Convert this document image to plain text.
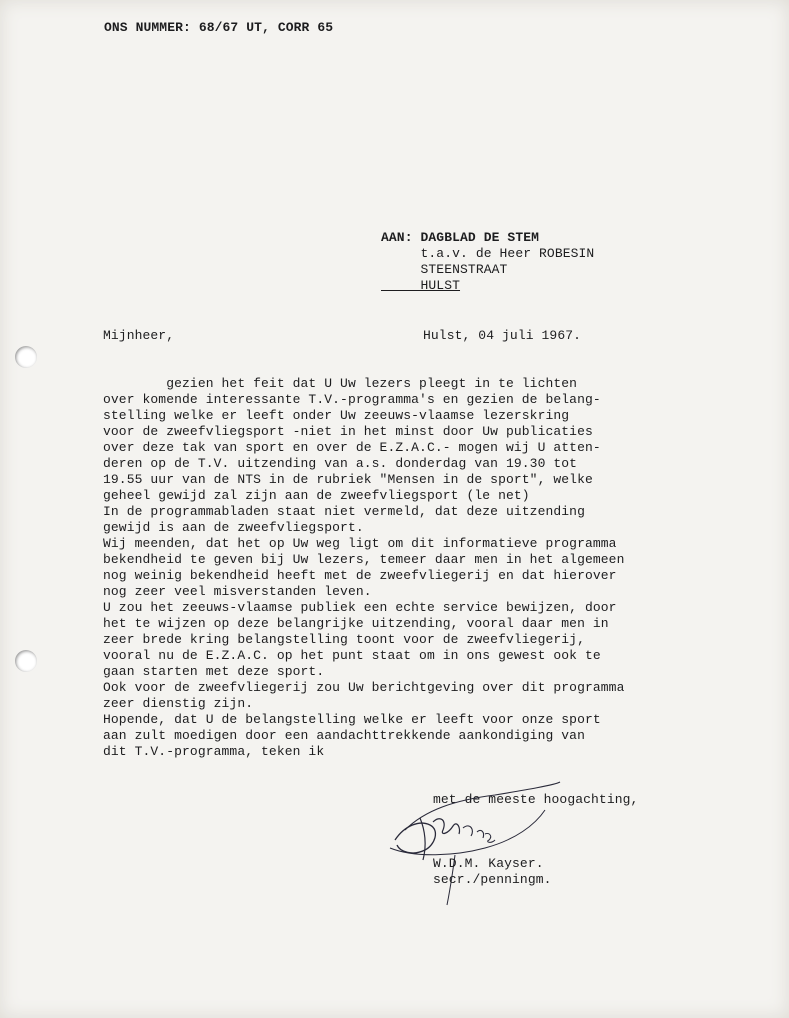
ONS NUMMER: 68/67 UT, CORR 65
AAN: DAGBLAD DE STEM
t.a.v. de Heer ROBESIN
STEENSTRAAT
HULST
Mijnheer,	Hulst, 04 juli 1967.
gezien het feit dat U Uw lezers pleegt in te lichten
over komende interessante T.V.-programma's en gezien de belang-
stelling welke er leeft onder Uw zeeuws-vlaamse lezerskring
voor de zweefvliegsport -niet in het minst door Uw publicaties
over deze tak van sport en over de E.Z.A.C.- mogen wij U atten-
deren op de T.V. uitzending van a.s. donderdag van 19.30 tot
19.55 uur van de NTS in de rubriek "Mensen in de sport", welke
geheel gewijd zal zijn aan de zweefvliegsport (le net)
In de programmabladen staat niet vermeld, dat deze uitzending
gewijd is aan de zweefvliegsport.
Wij meenden, dat het op Uw weg ligt om dit informatieve programma
bekendheid te geven bij Uw lezers, temeer daar men in het algemeen
nog weinig bekendheid heeft met de zweefvliegerij en dat hierover
nog zeer veel misverstanden leven.
U zou het zeeuws-vlaamse publiek een echte service bewijzen, door
het te wijzen op deze belangrijke uitzending, vooral daar men in
zeer brede kring belangstelling toont voor de zweefvliegerij,
vooral nu de E.Z.A.C. op het punt staat om in ons gewest ook te
gaan starten met deze sport.
Ook voor de zweefvliegerij zou Uw berichtgeving over dit programma
zeer dienstig zijn.
Hopende, dat U de belangstelling welke er leeft voor onze sport
aan zult moedigen door een aandachttrekkende aankondiging van
dit T.V.-programma, teken ik
met de meeste hoogachting,
W.D.M. Kayser.
secr./penningm.
